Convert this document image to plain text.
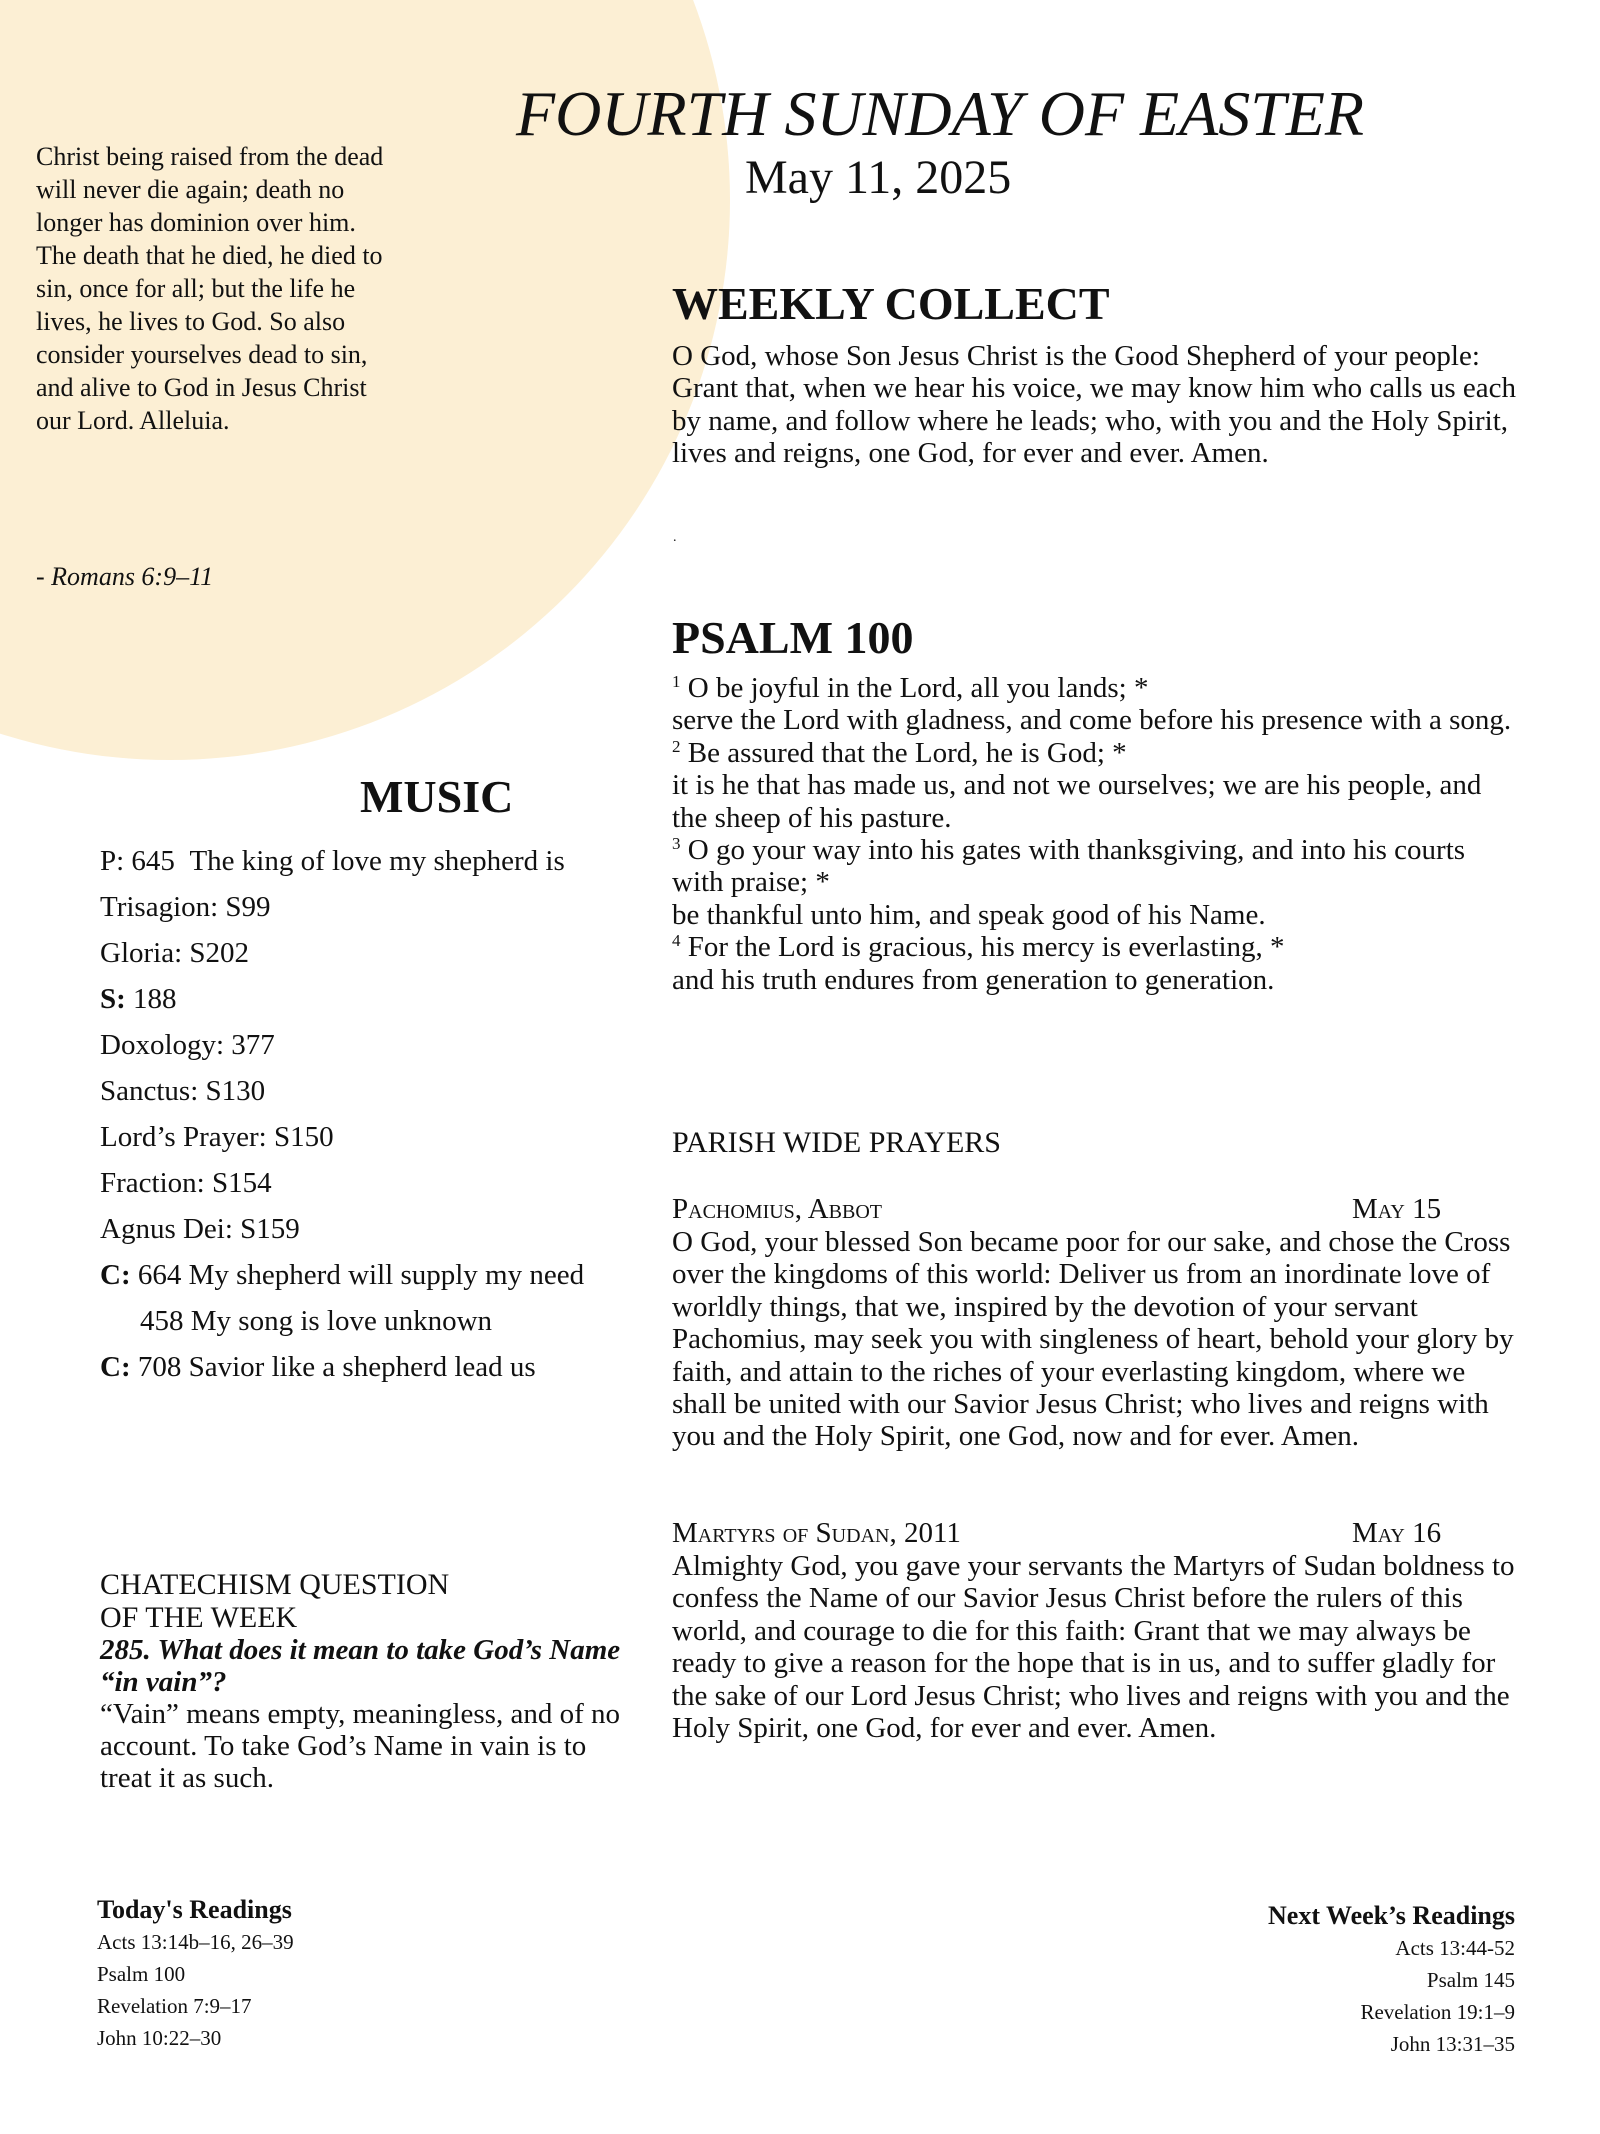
Christ being raised from the dead will never die again; death no longer has dominion over him. The death that he died, he died to sin, once for all; but the life he lives, he lives to God. So also consider yourselves dead to sin, and alive to God in Jesus Christ our Lord. Alleluia.
- Romans 6:9–11
FOURTH SUNDAY OF EASTER
May 11, 2025
WEEKLY COLLECT
O God, whose Son Jesus Christ is the Good Shepherd of your people: Grant that, when we hear his voice, we may know him who calls us each by name, and follow where he leads; who, with you and the Holy Spirit, lives and reigns, one God, for ever and ever. Amen.
.
PSALM 100
$^1$ O be joyful in the Lord, all you lands; *
serve the Lord with gladness, and come before his presence with a song.
$^2$ Be assured that the Lord, he is God; *
it is he that has made us, and not we ourselves; we are his people, and the sheep of his pasture.
$^3$ O go your way into his gates with thanksgiving, and into his courts with praise; *
be thankful unto him, and speak good of his Name.
$^4$ For the Lord is gracious, his mercy is everlasting, *
and his truth endures from generation to generation.
MUSIC
P: 645 The king of love my shepherd is
Trisagion: S99
Gloria: S202
S: 188
Doxology: 377
Sanctus: S130
Lord’s Prayer: S150
Fraction: S154
Agnus Dei: S159
C: 664 My shepherd will supply my need
458 My song is love unknown
C: 708 Savior like a shepherd lead us
PARISH WIDE PRAYERS
Pachomius, Abbot	May 15
O God, your blessed Son became poor for our sake, and chose the Cross over the kingdoms of this world: Deliver us from an inordinate love of worldly things, that we, inspired by the devotion of your servant Pachomius, may seek you with singleness of heart, behold your glory by faith, and attain to the riches of your everlasting kingdom, where we shall be united with our Savior Jesus Christ; who lives and reigns with you and the Holy Spirit, one God, now and for ever. Amen.
Martyrs of Sudan, 2011	May 16
Almighty God, you gave your servants the Martyrs of Sudan boldness to confess the Name of our Savior Jesus Christ before the rulers of this world, and courage to die for this faith: Grant that we may always be ready to give a reason for the hope that is in us, and to suffer gladly for the sake of our Lord Jesus Christ; who lives and reigns with you and the Holy Spirit, one God, for ever and ever. Amen.
CHATECHISM QUESTION
OF THE WEEK
285. What does it mean to take God’s Name “in vain”?
“Vain” means empty, meaningless, and of no account. To take God’s Name in vain is to treat it as such.
Today's Readings
Acts 13:14b–16, 26–39
Psalm 100
Revelation 7:9–17
John 10:22–30
Next Week’s Readings
Acts 13:44-52
Psalm 145
Revelation 19:1–9
John 13:31–35
